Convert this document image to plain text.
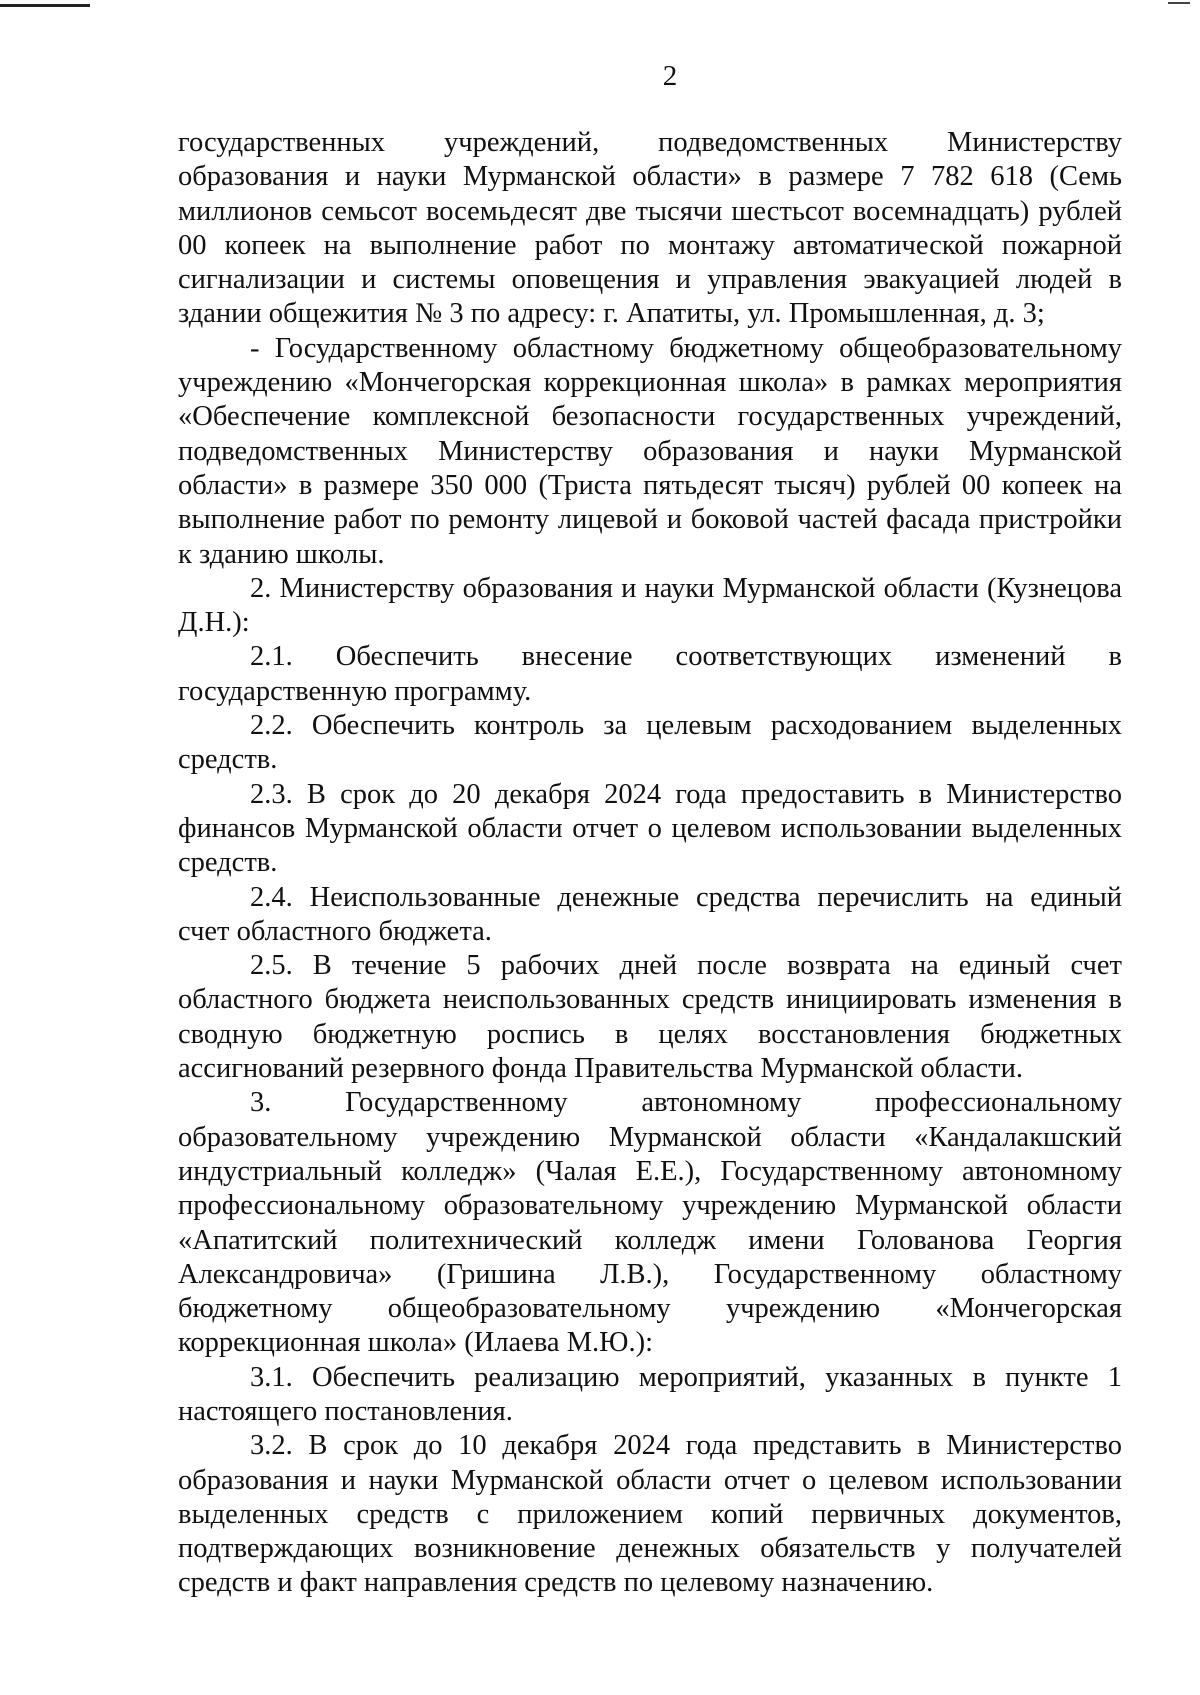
2

государственных учреждений, подведомственных Министерству образования и науки Мурманской области» в размере 7 782 618 (Семь миллионов семьсот восемьдесят две тысячи шестьсот восемнадцать) рублей 00 копеек на выполнение работ по монтажу автоматической пожарной сигнализации и системы оповещения и управления эвакуацией людей в здании общежития № 3 по адресу: г. Апатиты, ул. Промышленная, д. 3;

- Государственному областному бюджетному общеобразовательному учреждению «Мончегорская коррекционная школа» в рамках мероприятия «Обеспечение комплексной безопасности государственных учреждений, подведомственных Министерству образования и науки Мурманской области» в размере 350 000 (Триста пятьдесят тысяч) рублей 00 копеек на выполнение работ по ремонту лицевой и боковой частей фасада пристройки к зданию школы.

2. Министерству образования и науки Мурманской области (Кузнецова Д.Н.):

2.1. Обеспечить внесение соответствующих изменений в государственную программу.

2.2. Обеспечить контроль за целевым расходованием выделенных средств.

2.3. В срок до 20 декабря 2024 года предоставить в Министерство финансов Мурманской области отчет о целевом использовании выделенных средств.

2.4. Неиспользованные денежные средства перечислить на единый счет областного бюджета.

2.5. В течение 5 рабочих дней после возврата на единый счет областного бюджета неиспользованных средств инициировать изменения в сводную бюджетную роспись в целях восстановления бюджетных ассигнований резервного фонда Правительства Мурманской области.

3. Государственному автономному профессиональному образовательному учреждению Мурманской области «Кандалакшский индустриальный колледж» (Чалая Е.Е.), Государственному автономному профессиональному образовательному учреждению Мурманской области «Апатитский политехнический колледж имени Голованова Георгия Александровича» (Гришина Л.В.), Государственному областному бюджетному общеобразовательному учреждению «Мончегорская коррекционная школа» (Илаева М.Ю.):

3.1. Обеспечить реализацию мероприятий, указанных в пункте 1 настоящего постановления.

3.2. В срок до 10 декабря 2024 года представить в Министерство образования и науки Мурманской области отчет о целевом использовании выделенных средств с приложением копий первичных документов, подтверждающих возникновение денежных обязательств у получателей средств и факт направления средств по целевому назначению.
